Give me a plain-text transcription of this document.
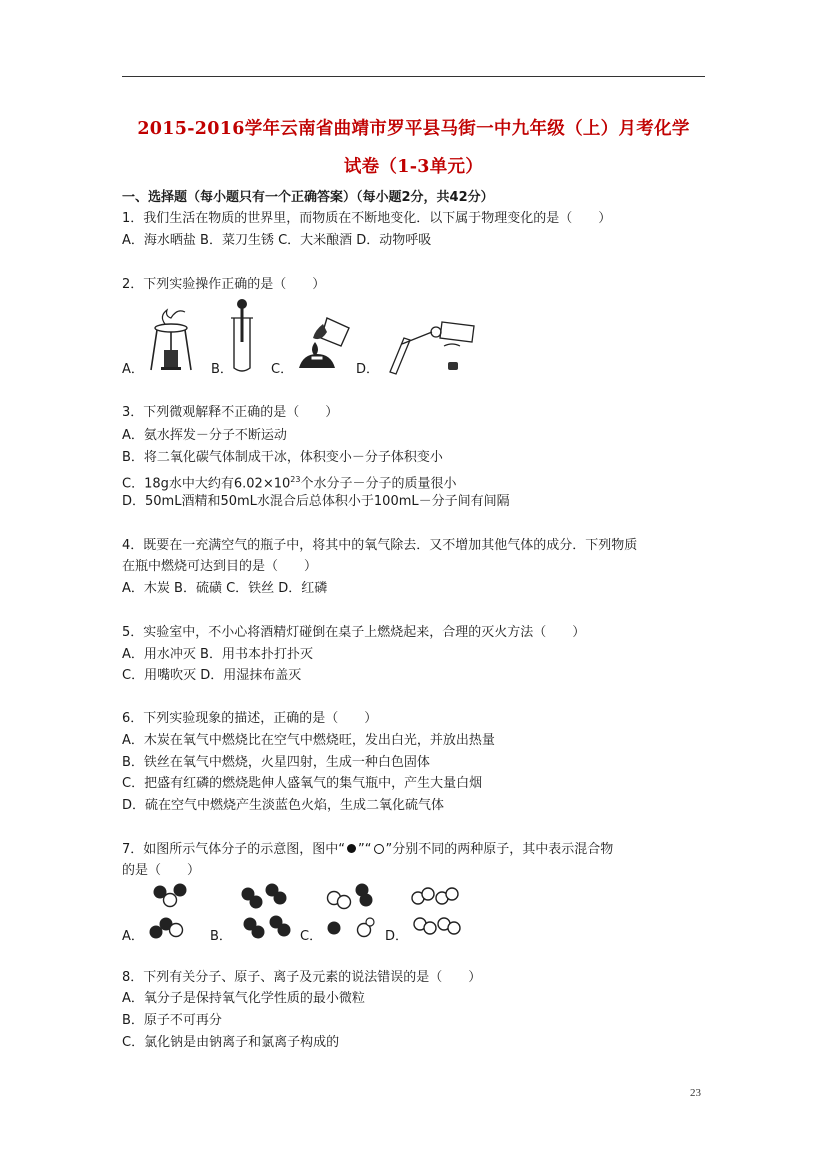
2015-2016学年云南省曲靖市罗平县马街一中九年级（上）月考化学
试卷（1-3单元）
一、选择题（每小题只有一个正确答案）（每小题2分，共42分）
1．我们生活在物质的世界里，而物质在不断地变化．以下属于物理变化的是（　　）
A．海水晒盐 B．菜刀生锈 C．大米酿酒 D．动物呼吸
2．下列实验操作正确的是（　　）
A．	B．	C．	D．
3．下列微观解释不正确的是（　　）
A．氨水挥发－分子不断运动
B．将二氧化碳气体制成干冰，体积变小－分子体积变小
C．18g水中大约有$6.02\times 10^{23}$个水分子－分子的质量很小
D．50mL酒精和50mL水混合后总体积小于100mL－分子间有间隔
4．既要在一充满空气的瓶子中，将其中的氧气除去．又不增加其他气体的成分．下列物质
在瓶中燃烧可达到目的是（　　）
A．木炭 B．硫磺 C．铁丝 D．红磷
5．实验室中，不小心将酒精灯碰倒在桌子上燃烧起来，合理的灭火方法（　　）
A．用水冲灭 B．用书本扑打扑灭
C．用嘴吹灭 D．用湿抹布盖灭
6．下列实验现象的描述，正确的是（　　）
A．木炭在氧气中燃烧比在空气中燃烧旺，发出白光，并放出热量
B．铁丝在氧气中燃烧，火星四射，生成一种白色固体
C．把盛有红磷的燃烧匙伸人盛氧气的集气瓶中，产生大量白烟
D．硫在空气中燃烧产生淡蓝色火焰，生成二氧化硫气体
7．如图所示气体分子的示意图，图中“ ”“ ”分别不同的两种原子，其中表示混合物
的是（　　）
A．	B．	C．	D．
8．下列有关分子、原子、离子及元素的说法错误的是（　　）
A．氧分子是保持氧气化学性质的最小微粒
B．原子不可再分
C．氯化钠是由钠离子和氯离子构成的
23
